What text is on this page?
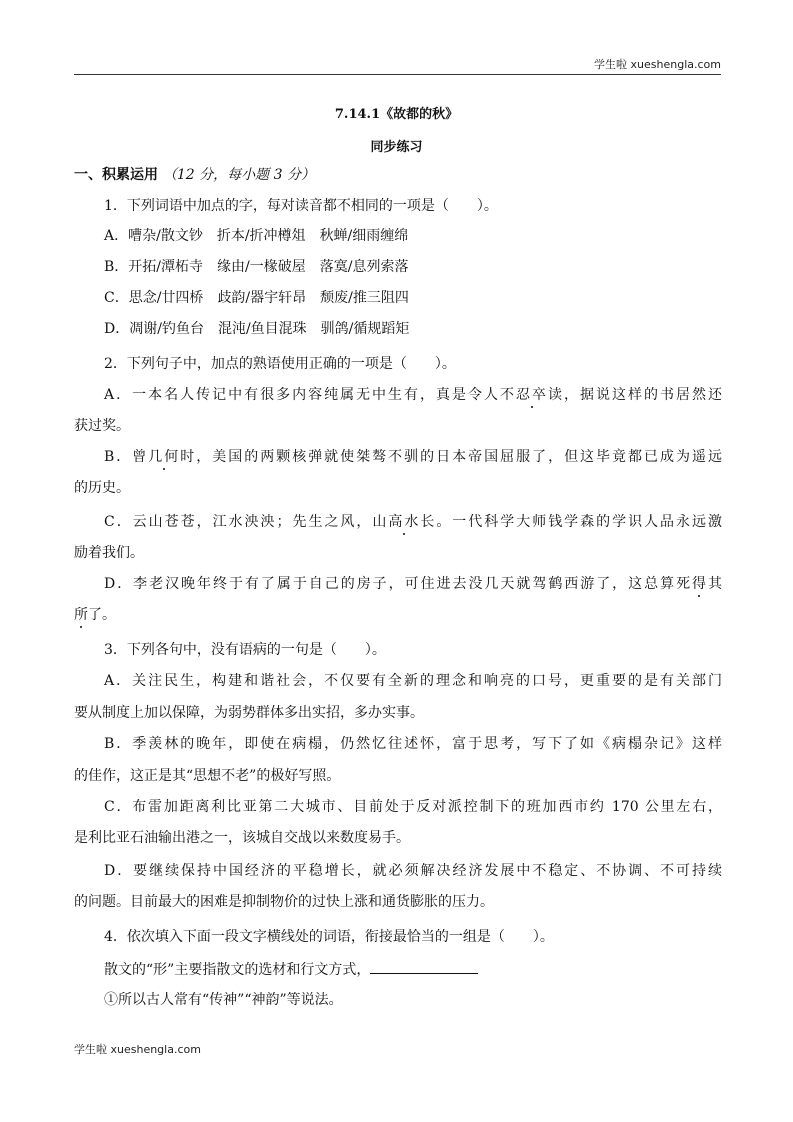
学生啦 xueshengla.com
7.14.1《故都的秋》
同步练习
一、积累运用 （12 分，每小题 3 分）
1．下列词语中加点的字，每对读音都不相同的一项是（　　）。
A．嘈杂/散文钞 折本/折冲樽俎 秋蝉/细雨缠绵
B．开拓/潭柘寺 缘由/一椽破屋 落寞/息列索落
C．思念/廿四桥 歧韵/器宇轩昂 颓废/推三阻四
D．凋谢/钓鱼台 混沌/鱼目混珠 驯鸽/循规蹈矩
2．下列句子中，加点的熟语使用正确的一项是（　　）。
A．一本名人传记中有很多内容纯属无中生有，真是令人不忍卒读，据说这样的书居然还
获过奖。
B．曾几何时，美国的两颗核弹就使桀骜不驯的日本帝国屈服了，但这毕竟都已成为遥远
的历史。
C．云山苍苍，江水泱泱；先生之风，山高水长。一代科学大师钱学森的学识人品永远激
励着我们。
D．李老汉晚年终于有了属于自己的房子，可住进去没几天就驾鹤西游了，这总算死得其
所了。
3．下列各句中，没有语病的一句是（　　）。
A．关注民生，构建和谐社会，不仅要有全新的理念和响亮的口号，更重要的是有关部门
要从制度上加以保障，为弱势群体多出实招，多办实事。
B．季羡林的晚年，即使在病榻，仍然忆往述怀，富于思考，写下了如《病榻杂记》这样
的佳作，这正是其“思想不老”的极好写照。
C．布雷加距离利比亚第二大城市、目前处于反对派控制下的班加西市约 170 公里左右，
是利比亚石油输出港之一，该城自交战以来数度易手。
D．要继续保持中国经济的平稳增长，就必须解决经济发展中不稳定、不协调、不可持续
的问题。目前最大的困难是抑制物价的过快上涨和通货膨胀的压力。
4．依次填入下面一段文字横线处的词语，衔接最恰当的一组是（　　）。
散文的“形”主要指散文的选材和行文方式，
①所以古人常有“传神”“神韵”等说法。
学生啦 xueshengla.com
